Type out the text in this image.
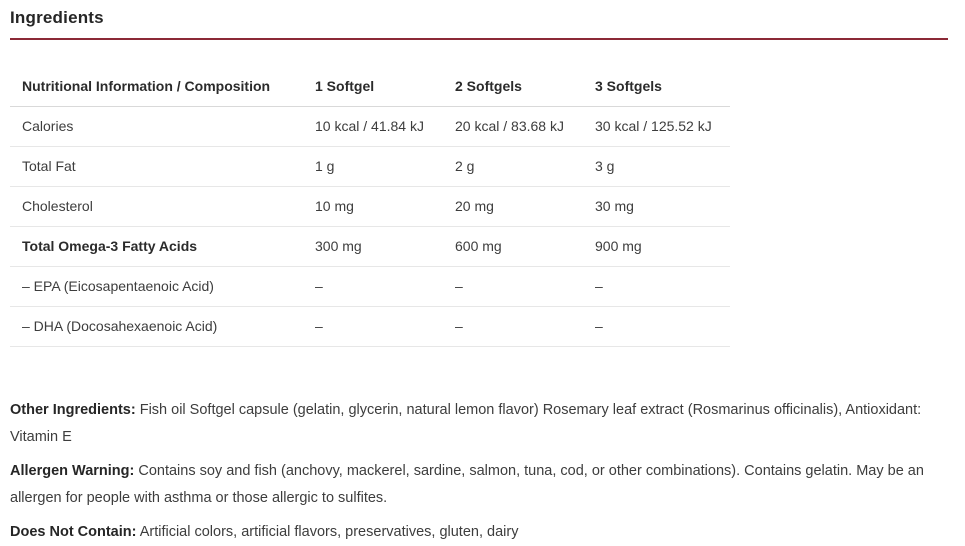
Ingredients
Nutritional Information / Composition	1 Softgel	2 Softgels	3 Softgels
Calories	10 kcal / 41.84 kJ	20 kcal / 83.68 kJ	30 kcal / 125.52 kJ
Total Fat	1 g	2 g	3 g
Cholesterol	10 mg	20 mg	30 mg
Total Omega-3 Fatty Acids	300 mg	600 mg	900 mg
– EPA (Eicosapentaenoic Acid)	–	–	–
– DHA (Docosahexaenoic Acid)	–	–	–

Other Ingredients: Fish oil Softgel capsule (gelatin, glycerin, natural lemon flavor) Rosemary leaf extract (Rosmarinus officinalis), Antioxidant: Vitamin E

Allergen Warning: Contains soy and fish (anchovy, mackerel, sardine, salmon, tuna, cod, or other combinations). Contains gelatin. May be an allergen for people with asthma or those allergic to sulfites.

Does Not Contain: Artificial colors, artificial flavors, preservatives, gluten, dairy
